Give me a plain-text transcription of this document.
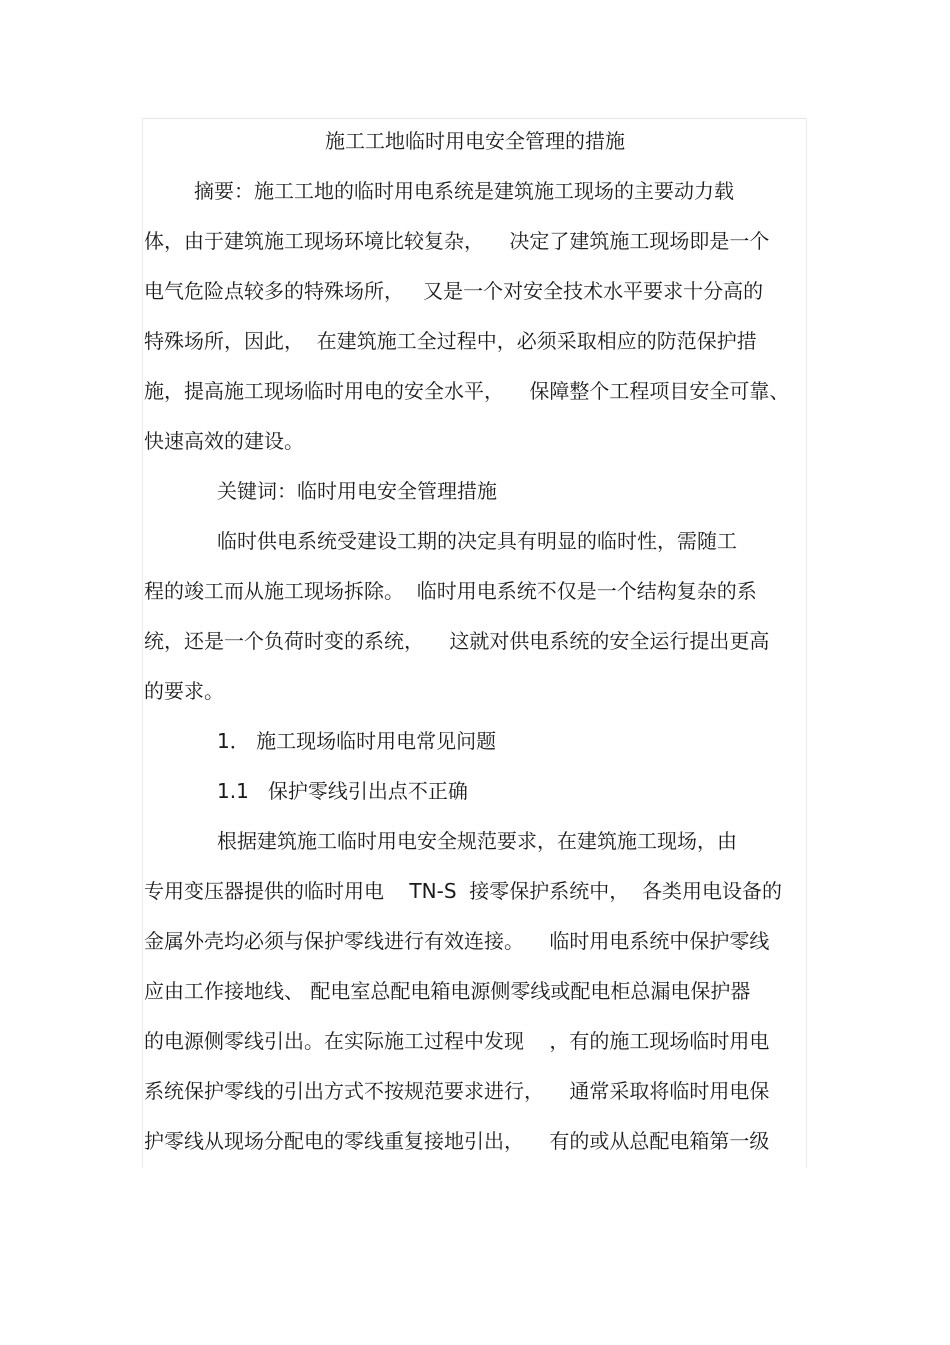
施工工地临时用电安全管理的措施
摘要：施工工地的临时用电系统是建筑施工现场的主要动力载
体，由于建筑施工现场环境比较复杂，    决定了建筑施工现场即是一个
电气危险点较多的特殊场所，   又是一个对安全技术水平要求十分高的
特殊场所，因此，  在建筑施工全过程中，必须采取相应的防范保护措
施，提高施工现场临时用电的安全水平，    保障整个工程项目安全可靠、
快速高效的建设。
关键词：临时用电安全管理措施
临时供电系统受建设工期的决定具有明显的临时性，需随工
程的竣工而从施工现场拆除。  临时用电系统不仅是一个结构复杂的系
统，还是一个负荷时变的系统，    这就对供电系统的安全运行提出更高
的要求。
1． 施工现场临时用电常见问题
1.1   保护零线引出点不正确
根据建筑施工临时用电安全规范要求，在建筑施工现场，由
专用变压器提供的临时用电    TN-S  接零保护系统中，  各类用电设备的
金属外壳均必须与保护零线进行有效连接。    临时用电系统中保护零线
应由工作接地线、 配电室总配电箱电源侧零线或配电柜总漏电保护器
的电源侧零线引出。在实际施工过程中发现    ，有的施工现场临时用电
系统保护零线的引出方式不按规范要求进行，    通常采取将临时用电保
护零线从现场分配电的零线重复接地引出，    有的或从总配电箱第一级
